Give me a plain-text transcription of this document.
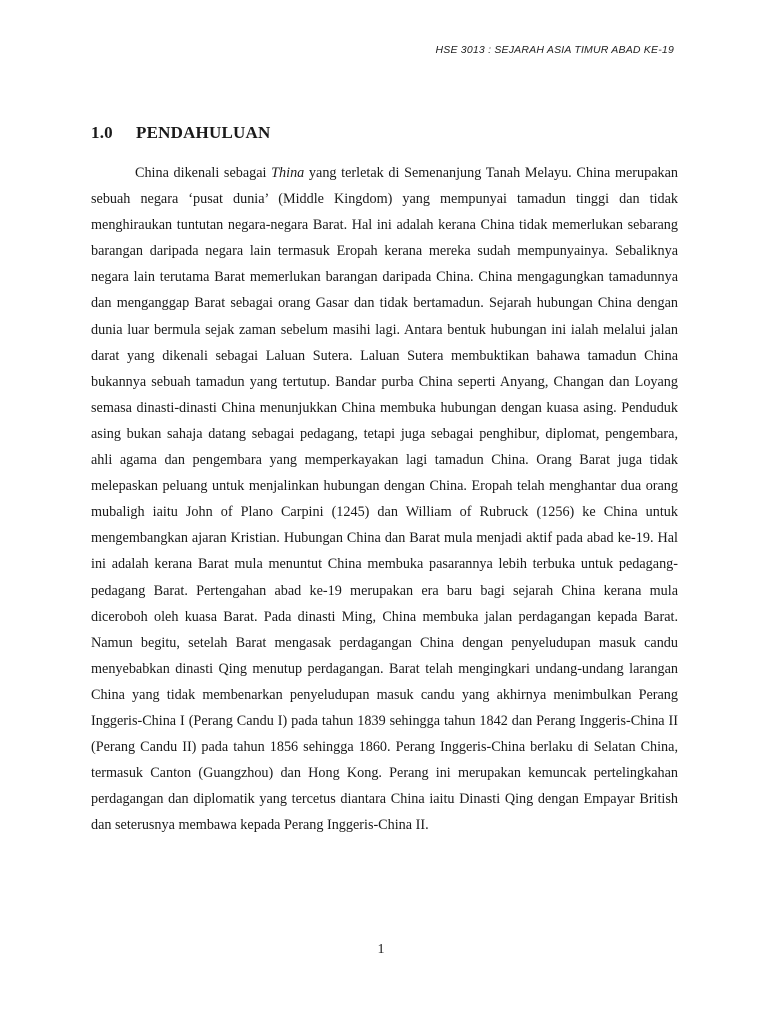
HSE 3013 : SEJARAH ASIA TIMUR ABAD KE-19
1.0 PENDAHULUAN

China dikenali sebagai Thina yang terletak di Semenanjung Tanah Melayu. China merupakan sebuah negara ‘pusat dunia’ (Middle Kingdom) yang mempunyai tamadun tinggi dan tidak menghiraukan tuntutan negara-negara Barat. Hal ini adalah kerana China tidak memerlukan sebarang barangan daripada negara lain termasuk Eropah kerana mereka sudah mempunyainya. Sebaliknya negara lain terutama Barat memerlukan barangan daripada China. China mengagungkan tamadunnya dan menganggap Barat sebagai orang Gasar dan tidak bertamadun. Sejarah hubungan China dengan dunia luar bermula sejak zaman sebelum masihi lagi. Antara bentuk hubungan ini ialah melalui jalan darat yang dikenali sebagai Laluan Sutera. Laluan Sutera membuktikan bahawa tamadun China bukannya sebuah tamadun yang tertutup. Bandar purba China seperti Anyang, Changan dan Loyang semasa dinasti-dinasti China menunjukkan China membuka hubungan dengan kuasa asing. Penduduk asing bukan sahaja datang sebagai pedagang, tetapi juga sebagai penghibur, diplomat, pengembara, ahli agama dan pengembara yang memperkayakan lagi tamadun China. Orang Barat juga tidak melepaskan peluang untuk menjalinkan hubungan dengan China. Eropah telah menghantar dua orang mubaligh iaitu John of Plano Carpini (1245) dan William of Rubruck (1256) ke China untuk mengembangkan ajaran Kristian. Hubungan China dan Barat mula menjadi aktif pada abad ke-19. Hal ini adalah kerana Barat mula menuntut China membuka pasarannya lebih terbuka untuk pedagang-pedagang Barat. Pertengahan abad ke-19 merupakan era baru bagi sejarah China kerana mula diceroboh oleh kuasa Barat. Pada dinasti Ming, China membuka jalan perdagangan kepada Barat. Namun begitu, setelah Barat mengasak perdagangan China dengan penyeludupan masuk candu menyebabkan dinasti Qing menutup perdagangan. Barat telah mengingkari undang-undang larangan China yang tidak membenarkan penyeludupan masuk candu yang akhirnya menimbulkan Perang Inggeris-China I (Perang Candu I) pada tahun 1839 sehingga tahun 1842 dan Perang Inggeris-China II (Perang Candu II) pada tahun 1856 sehingga 1860. Perang Inggeris-China berlaku di Selatan China, termasuk Canton (Guangzhou) dan Hong Kong. Perang ini merupakan kemuncak pertelingkahan perdagangan dan diplomatik yang tercetus diantara China iaitu Dinasti Qing dengan Empayar British dan seterusnya membawa kepada Perang Inggeris-China II.

1
